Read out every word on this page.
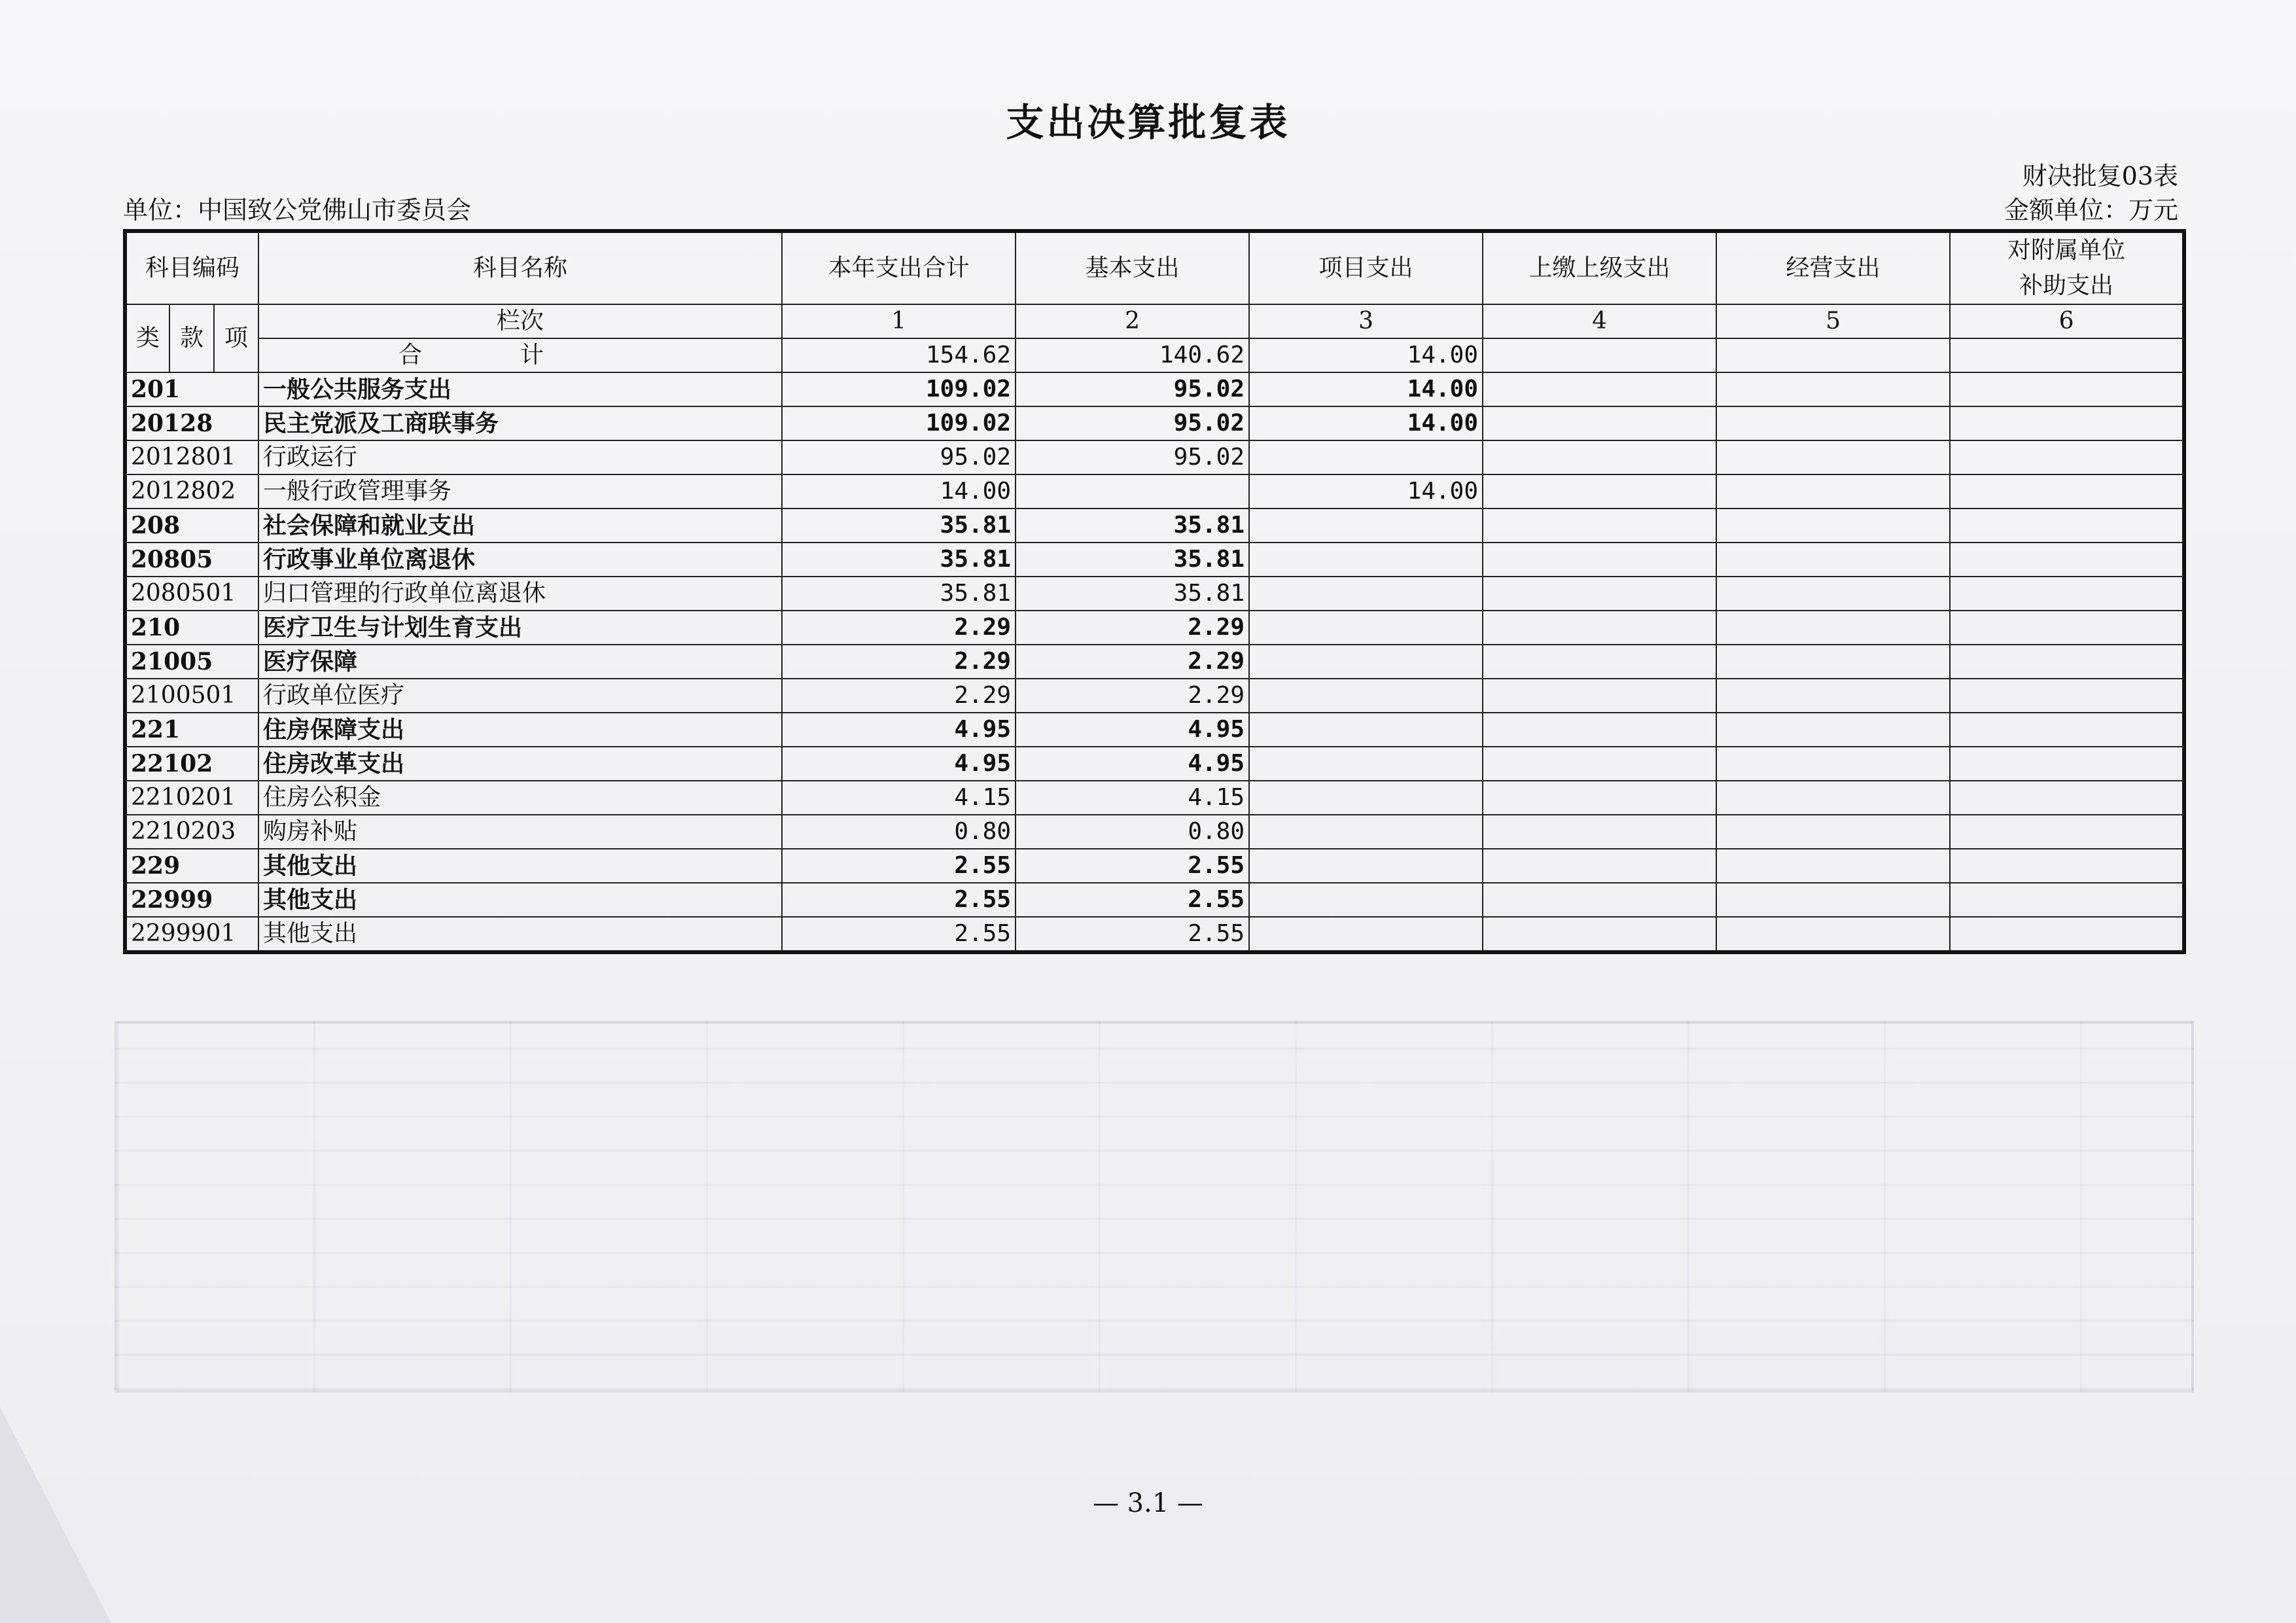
支出决算批复表
财决批复03表
单位：中国致公党佛山市委员会	金额单位：万元
科目编码			科目名称	本年支出合计	基本支出	项目支出	上缴上级支出	经营支出	对附属单位补助支出
类	款	项	栏次	1	2	3	4	5	6
			合计	154.62	140.62	14.00			
201			一般公共服务支出	109.02	95.02	14.00			
20128			民主党派及工商联事务	109.02	95.02	14.00			
2012801			行政运行	95.02	95.02				
2012802			一般行政管理事务	14.00		14.00			
208			社会保障和就业支出	35.81	35.81				
20805			行政事业单位离退休	35.81	35.81				
2080501			归口管理的行政单位离退休	35.81	35.81				
210			医疗卫生与计划生育支出	2.29	2.29				
21005			医疗保障	2.29	2.29				
2100501			行政单位医疗	2.29	2.29				
221			住房保障支出	4.95	4.95				
22102			住房改革支出	4.95	4.95				
2210201			住房公积金	4.15	4.15				
2210203			购房补贴	0.80	0.80				
229			其他支出	2.55	2.55				
22999			其他支出	2.55	2.55				
2299901			其他支出	2.55	2.55				
— 3.1 —
